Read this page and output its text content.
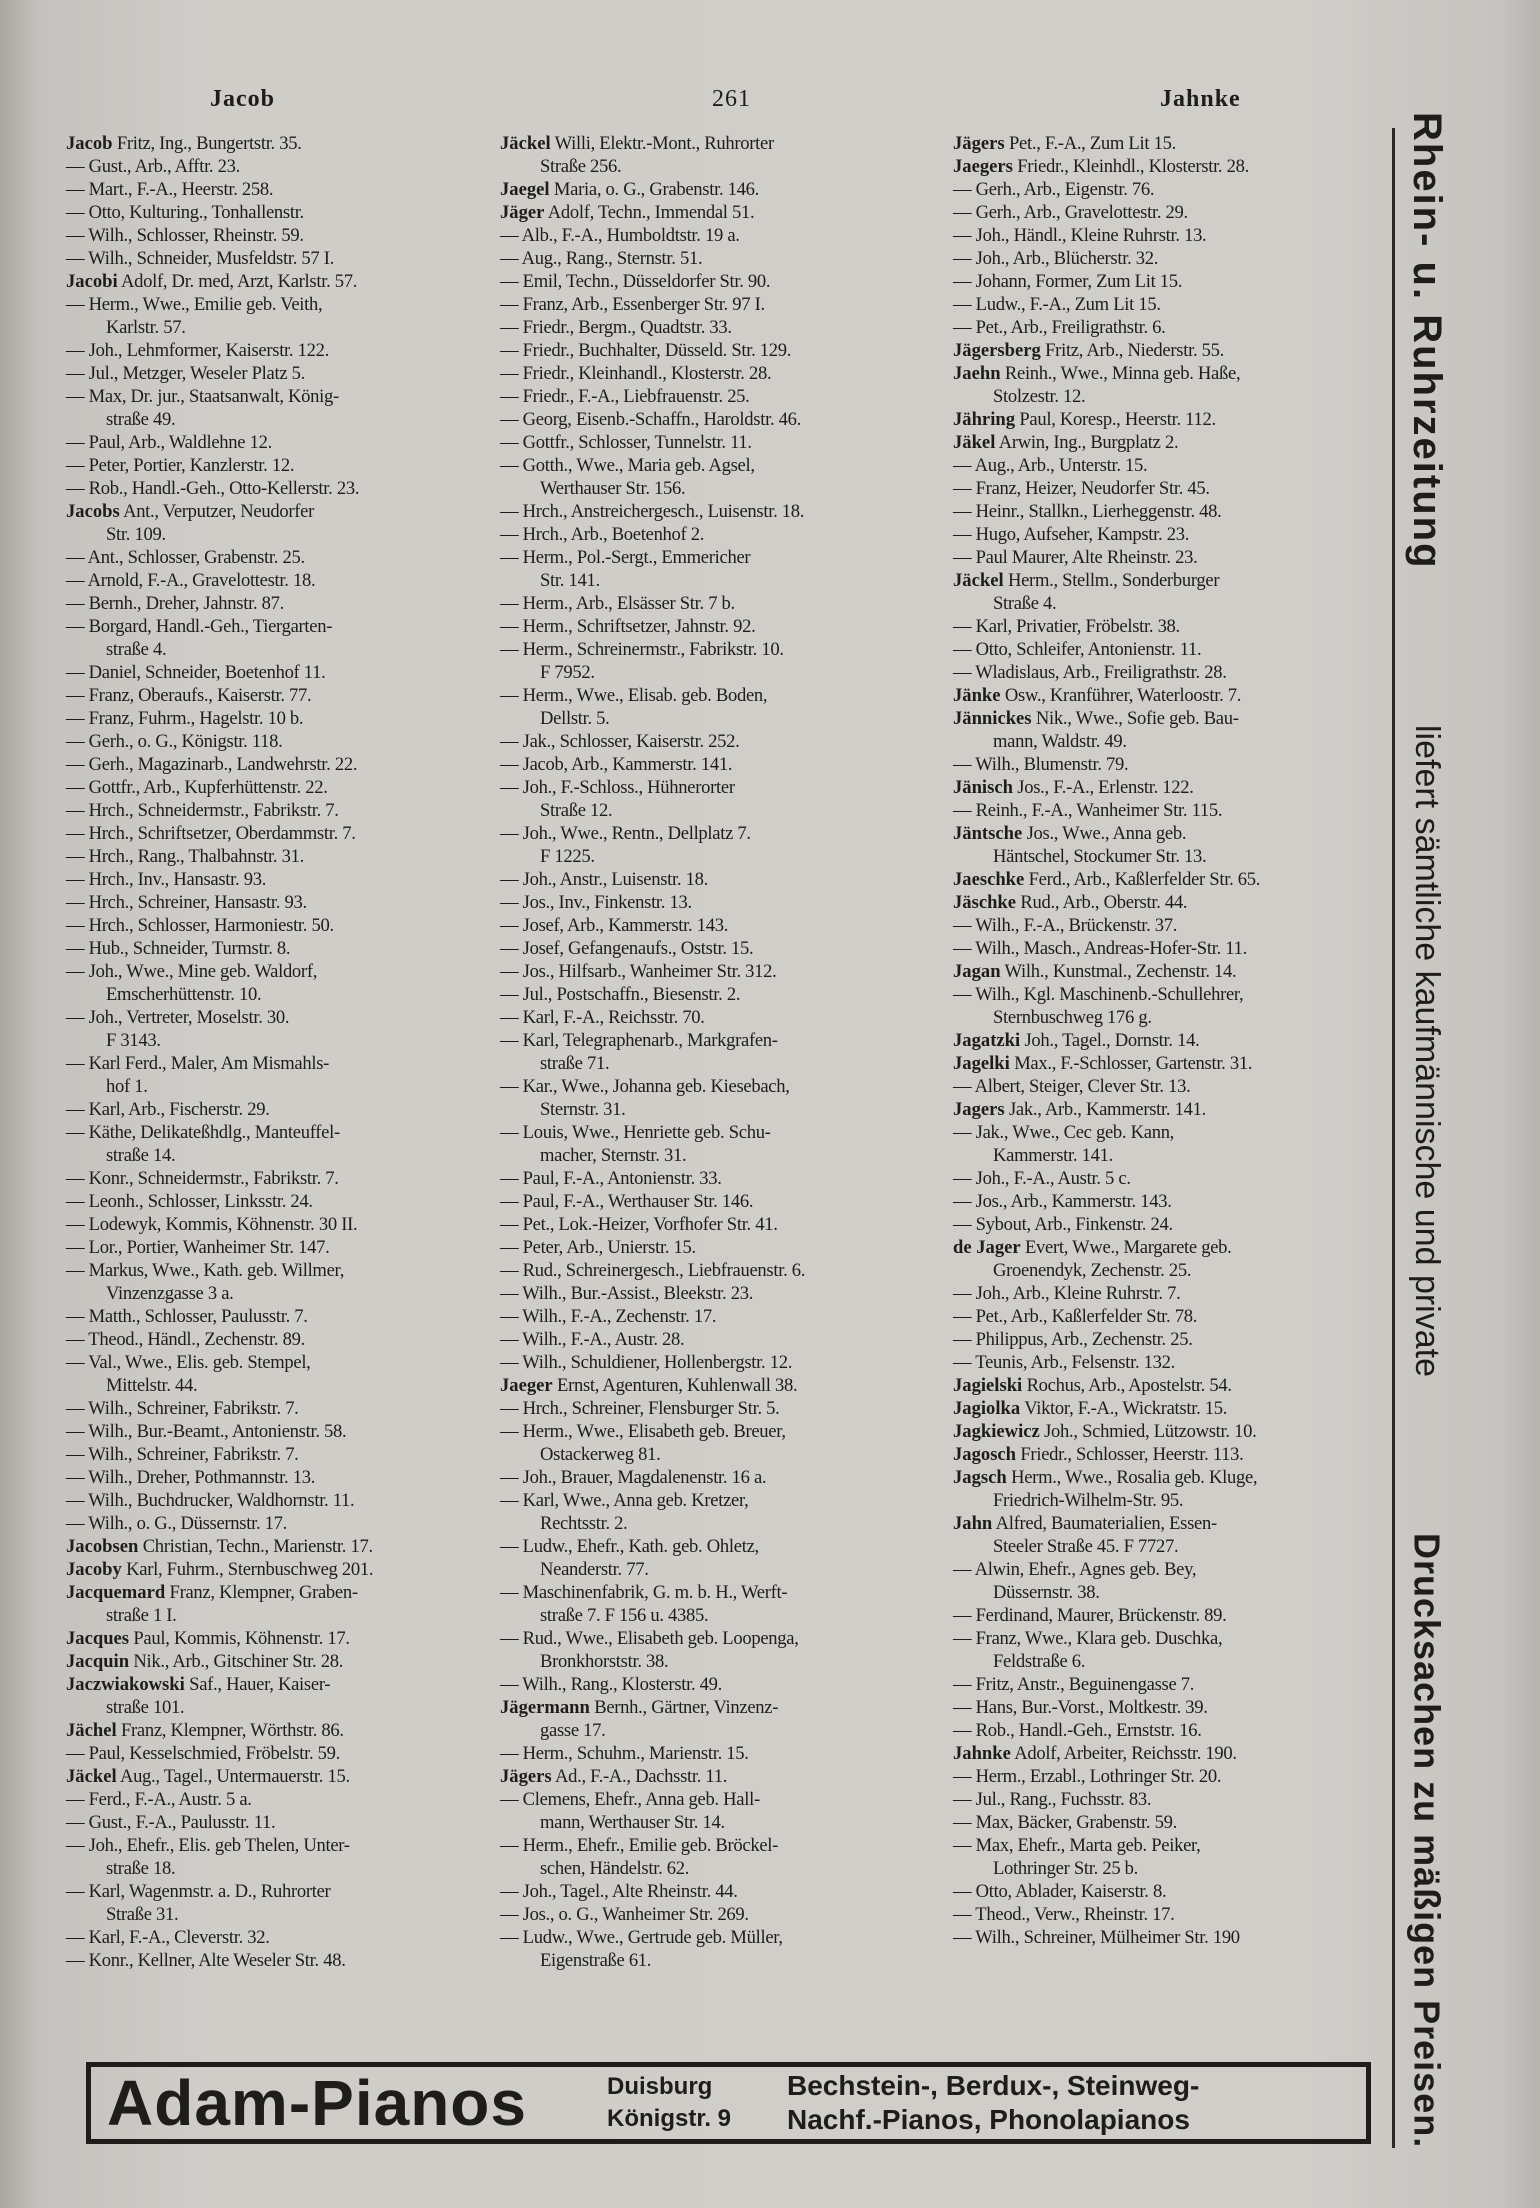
Jacob	261	Jahnke
Jacob Fritz, Ing., Bungertstr. 35.
— Gust., Arb., Afftr. 23.
— Mart., F.-A., Heerstr. 258.
— Otto, Kulturing., Tonhallenstr.
— Wilh., Schlosser, Rheinstr. 59.
— Wilh., Schneider, Musfeldstr. 57 I.
Jacobi Adolf, Dr. med, Arzt, Karlstr. 57.
— Herm., Wwe., Emilie geb. Veith,
Karlstr. 57.
— Joh., Lehmformer, Kaiserstr. 122.
— Jul., Metzger, Weseler Platz 5.
— Max, Dr. jur., Staatsanwalt, König-
straße 49.
— Paul, Arb., Waldlehne 12.
— Peter, Portier, Kanzlerstr. 12.
— Rob., Handl.-Geh., Otto-Kellerstr. 23.
Jacobs Ant., Verputzer, Neudorfer
Str. 109.
— Ant., Schlosser, Grabenstr. 25.
— Arnold, F.-A., Gravelottestr. 18.
— Bernh., Dreher, Jahnstr. 87.
— Borgard, Handl.-Geh., Tiergarten-
straße 4.
— Daniel, Schneider, Boetenhof 11.
— Franz, Oberaufs., Kaiserstr. 77.
— Franz, Fuhrm., Hagelstr. 10 b.
— Gerh., o. G., Königstr. 118.
— Gerh., Magazinarb., Landwehrstr. 22.
— Gottfr., Arb., Kupferhüttenstr. 22.
— Hrch., Schneidermstr., Fabrikstr. 7.
— Hrch., Schriftsetzer, Oberdammstr. 7.
— Hrch., Rang., Thalbahnstr. 31.
— Hrch., Inv., Hansastr. 93.
— Hrch., Schreiner, Hansastr. 93.
— Hrch., Schlosser, Harmoniestr. 50.
— Hub., Schneider, Turmstr. 8.
— Joh., Wwe., Mine geb. Waldorf,
Emscherhüttenstr. 10.
— Joh., Vertreter, Moselstr. 30.
F 3143.
— Karl Ferd., Maler, Am Mismahls-
hof 1.
— Karl, Arb., Fischerstr. 29.
— Käthe, Delikateßhdlg., Manteuffel-
straße 14.
— Konr., Schneidermstr., Fabrikstr. 7.
— Leonh., Schlosser, Linksstr. 24.
— Lodewyk, Kommis, Köhnenstr. 30 II.
— Lor., Portier, Wanheimer Str. 147.
— Markus, Wwe., Kath. geb. Willmer,
Vinzenzgasse 3 a.
— Matth., Schlosser, Paulusstr. 7.
— Theod., Händl., Zechenstr. 89.
— Val., Wwe., Elis. geb. Stempel,
Mittelstr. 44.
— Wilh., Schreiner, Fabrikstr. 7.
— Wilh., Bur.-Beamt., Antonienstr. 58.
— Wilh., Schreiner, Fabrikstr. 7.
— Wilh., Dreher, Pothmannstr. 13.
— Wilh., Buchdrucker, Waldhornstr. 11.
— Wilh., o. G., Düssernstr. 17.
Jacobsen Christian, Techn., Marienstr. 17.
Jacoby Karl, Fuhrm., Sternbuschweg 201.
Jacquemard Franz, Klempner, Graben-
straße 1 I.
Jacques Paul, Kommis, Köhnenstr. 17.
Jacquin Nik., Arb., Gitschiner Str. 28.
Jaczwiakowski Saf., Hauer, Kaiser-
straße 101.
Jächel Franz, Klempner, Wörthstr. 86.
— Paul, Kesselschmied, Fröbelstr. 59.
Jäckel Aug., Tagel., Untermauerstr. 15.
— Ferd., F.-A., Austr. 5 a.
— Gust., F.-A., Paulusstr. 11.
— Joh., Ehefr., Elis. geb Thelen, Unter-
straße 18.
— Karl, Wagenmstr. a. D., Ruhrorter
Straße 31.
— Karl, F.-A., Cleverstr. 32.
— Konr., Kellner, Alte Weseler Str. 48.
Jäckel Willi, Elektr.-Mont., Ruhrorter
Straße 256.
Jaegel Maria, o. G., Grabenstr. 146.
Jäger Adolf, Techn., Immendal 51.
— Alb., F.-A., Humboldtstr. 19 a.
— Aug., Rang., Sternstr. 51.
— Emil, Techn., Düsseldorfer Str. 90.
— Franz, Arb., Essenberger Str. 97 I.
— Friedr., Bergm., Quadtstr. 33.
— Friedr., Buchhalter, Düsseld. Str. 129.
— Friedr., Kleinhandl., Klosterstr. 28.
— Friedr., F.-A., Liebfrauenstr. 25.
— Georg, Eisenb.-Schaffn., Haroldstr. 46.
— Gottfr., Schlosser, Tunnelstr. 11.
— Gotth., Wwe., Maria geb. Agsel,
Werthauser Str. 156.
— Hrch., Anstreichergesch., Luisenstr. 18.
— Hrch., Arb., Boetenhof 2.
— Herm., Pol.-Sergt., Emmericher
Str. 141.
— Herm., Arb., Elsässer Str. 7 b.
— Herm., Schriftsetzer, Jahnstr. 92.
— Herm., Schreinermstr., Fabrikstr. 10.
F 7952.
— Herm., Wwe., Elisab. geb. Boden,
Dellstr. 5.
— Jak., Schlosser, Kaiserstr. 252.
— Jacob, Arb., Kammerstr. 141.
— Joh., F.-Schloss., Hühnerorter
Straße 12.
— Joh., Wwe., Rentn., Dellplatz 7.
F 1225.
— Joh., Anstr., Luisenstr. 18.
— Jos., Inv., Finkenstr. 13.
— Josef, Arb., Kammerstr. 143.
— Josef, Gefangenaufs., Oststr. 15.
— Jos., Hilfsarb., Wanheimer Str. 312.
— Jul., Postschaffn., Biesenstr. 2.
— Karl, F.-A., Reichsstr. 70.
— Karl, Telegraphenarb., Markgrafen-
straße 71.
— Kar., Wwe., Johanna geb. Kiesebach,
Sternstr. 31.
— Louis, Wwe., Henriette geb. Schu-
macher, Sternstr. 31.
— Paul, F.-A., Antonienstr. 33.
— Paul, F.-A., Werthauser Str. 146.
— Pet., Lok.-Heizer, Vorfhofer Str. 41.
— Peter, Arb., Unierstr. 15.
— Rud., Schreinergesch., Liebfrauenstr. 6.
— Wilh., Bur.-Assist., Bleekstr. 23.
— Wilh., F.-A., Zechenstr. 17.
— Wilh., F.-A., Austr. 28.
— Wilh., Schuldiener, Hollenbergstr. 12.
Jaeger Ernst, Agenturen, Kuhlenwall 38.
— Hrch., Schreiner, Flensburger Str. 5.
— Herm., Wwe., Elisabeth geb. Breuer,
Ostackerweg 81.
— Joh., Brauer, Magdalenenstr. 16 a.
— Karl, Wwe., Anna geb. Kretzer,
Rechtsstr. 2.
— Ludw., Ehefr., Kath. geb. Ohletz,
Neanderstr. 77.
— Maschinenfabrik, G. m. b. H., Werft-
straße 7. F 156 u. 4385.
— Rud., Wwe., Elisabeth geb. Loopenga,
Bronkhorststr. 38.
— Wilh., Rang., Klosterstr. 49.
Jägermann Bernh., Gärtner, Vinzenz-
gasse 17.
— Herm., Schuhm., Marienstr. 15.
Jägers Ad., F.-A., Dachsstr. 11.
— Clemens, Ehefr., Anna geb. Hall-
mann, Werthauser Str. 14.
— Herm., Ehefr., Emilie geb. Bröckel-
schen, Händelstr. 62.
— Joh., Tagel., Alte Rheinstr. 44.
— Jos., o. G., Wanheimer Str. 269.
— Ludw., Wwe., Gertrude geb. Müller,
Eigenstraße 61.
Jägers Pet., F.-A., Zum Lit 15.
Jaegers Friedr., Kleinhdl., Klosterstr. 28.
— Gerh., Arb., Eigenstr. 76.
— Gerh., Arb., Gravelottestr. 29.
— Joh., Händl., Kleine Ruhrstr. 13.
— Joh., Arb., Blücherstr. 32.
— Johann, Former, Zum Lit 15.
— Ludw., F.-A., Zum Lit 15.
— Pet., Arb., Freiligrathstr. 6.
Jägersberg Fritz, Arb., Niederstr. 55.
Jaehn Reinh., Wwe., Minna geb. Haße,
Stolzestr. 12.
Jähring Paul, Koresp., Heerstr. 112.
Jäkel Arwin, Ing., Burgplatz 2.
— Aug., Arb., Unterstr. 15.
— Franz, Heizer, Neudorfer Str. 45.
— Heinr., Stallkn., Lierheggenstr. 48.
— Hugo, Aufseher, Kampstr. 23.
— Paul Maurer, Alte Rheinstr. 23.
Jäckel Herm., Stellm., Sonderburger
Straße 4.
— Karl, Privatier, Fröbelstr. 38.
— Otto, Schleifer, Antonienstr. 11.
— Wladislaus, Arb., Freiligrathstr. 28.
Jänke Osw., Kranführer, Waterloostr. 7.
Jännickes Nik., Wwe., Sofie geb. Bau-
mann, Waldstr. 49.
— Wilh., Blumenstr. 79.
Jänisch Jos., F.-A., Erlenstr. 122.
— Reinh., F.-A., Wanheimer Str. 115.
Jäntsche Jos., Wwe., Anna geb.
Häntschel, Stockumer Str. 13.
Jaeschke Ferd., Arb., Kaßlerfelder Str. 65.
Jäschke Rud., Arb., Oberstr. 44.
— Wilh., F.-A., Brückenstr. 37.
— Wilh., Masch., Andreas-Hofer-Str. 11.
Jagan Wilh., Kunstmal., Zechenstr. 14.
— Wilh., Kgl. Maschinenb.-Schullehrer,
Sternbuschweg 176 g.
Jagatzki Joh., Tagel., Dornstr. 14.
Jagelki Max., F.-Schlosser, Gartenstr. 31.
— Albert, Steiger, Clever Str. 13.
Jagers Jak., Arb., Kammerstr. 141.
— Jak., Wwe., Cec geb. Kann,
Kammerstr. 141.
— Joh., F.-A., Austr. 5 c.
— Jos., Arb., Kammerstr. 143.
— Sybout, Arb., Finkenstr. 24.
de Jager Evert, Wwe., Margarete geb.
Groenendyk, Zechenstr. 25.
— Joh., Arb., Kleine Ruhrstr. 7.
— Pet., Arb., Kaßlerfelder Str. 78.
— Philippus, Arb., Zechenstr. 25.
— Teunis, Arb., Felsenstr. 132.
Jagielski Rochus, Arb., Apostelstr. 54.
Jagiolka Viktor, F.-A., Wickratstr. 15.
Jagkiewicz Joh., Schmied, Lützowstr. 10.
Jagosch Friedr., Schlosser, Heerstr. 113.
Jagsch Herm., Wwe., Rosalia geb. Kluge,
Friedrich-Wilhelm-Str. 95.
Jahn Alfred, Baumaterialien, Essen-
Steeler Straße 45. F 7727.
— Alwin, Ehefr., Agnes geb. Bey,
Düssernstr. 38.
— Ferdinand, Maurer, Brückenstr. 89.
— Franz, Wwe., Klara geb. Duschka,
Feldstraße 6.
— Fritz, Anstr., Beguinengasse 7.
— Hans, Bur.-Vorst., Moltkestr. 39.
— Rob., Handl.-Geh., Ernststr. 16.
Jahnke Adolf, Arbeiter, Reichsstr. 190.
— Herm., Erzabl., Lothringer Str. 20.
— Jul., Rang., Fuchsstr. 83.
— Max, Bäcker, Grabenstr. 59.
— Max, Ehefr., Marta geb. Peiker,
Lothringer Str. 25 b.
— Otto, Ablader, Kaiserstr. 8.
— Theod., Verw., Rheinstr. 17.
— Wilh., Schreiner, Mülheimer Str. 190
Rhein- u. Ruhrzeitung
liefert sämtliche kaufmännische und private
Drucksachen zu mäßigen Preisen.
Adam-Pianos	Duisburg
Königstr. 9
Bechstein-, Berdux-, Steinweg-
Nachf.-Pianos, Phonolapianos
